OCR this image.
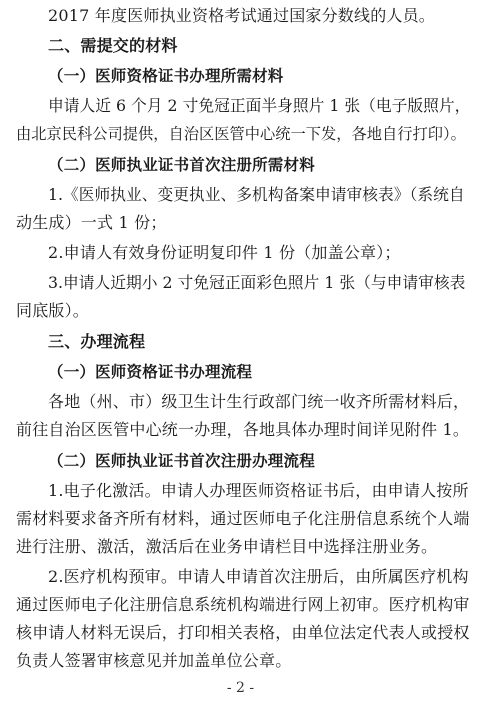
2017 年度医师执业资格考试通过国家分数线的人员。
二、需提交的材料
（一）医师资格证书办理所需材料
申请人近 6 个月 2 寸免冠正面半身照片 1 张（电子版照片，
由北京民科公司提供，自治区医管中心统一下发，各地自行打印）。
（二）医师执业证书首次注册所需材料
1.《医师执业、变更执业、多机构备案申请审核表》（系统自
动生成）一式 1 份；
2.申请人有效身份证明复印件 1 份（加盖公章）；
3.申请人近期小 2 寸免冠正面彩色照片 1 张（与申请审核表
同底版）。
三、办理流程
（一）医师资格证书办理流程
各地（州、市）级卫生计生行政部门统一收齐所需材料后，
前往自治区医管中心统一办理，各地具体办理时间详见附件 1。
（二）医师执业证书首次注册办理流程
1.电子化激活。申请人办理医师资格证书后，由申请人按所
需材料要求备齐所有材料，通过医师电子化注册信息系统个人端
进行注册、激活，激活后在业务申请栏目中选择注册业务。
2.医疗机构预审。申请人申请首次注册后，由所属医疗机构
通过医师电子化注册信息系统机构端进行网上初审。医疗机构审
核申请人材料无误后，打印相关表格，由单位法定代表人或授权
负责人签署审核意见并加盖单位公章。
- 2 -
